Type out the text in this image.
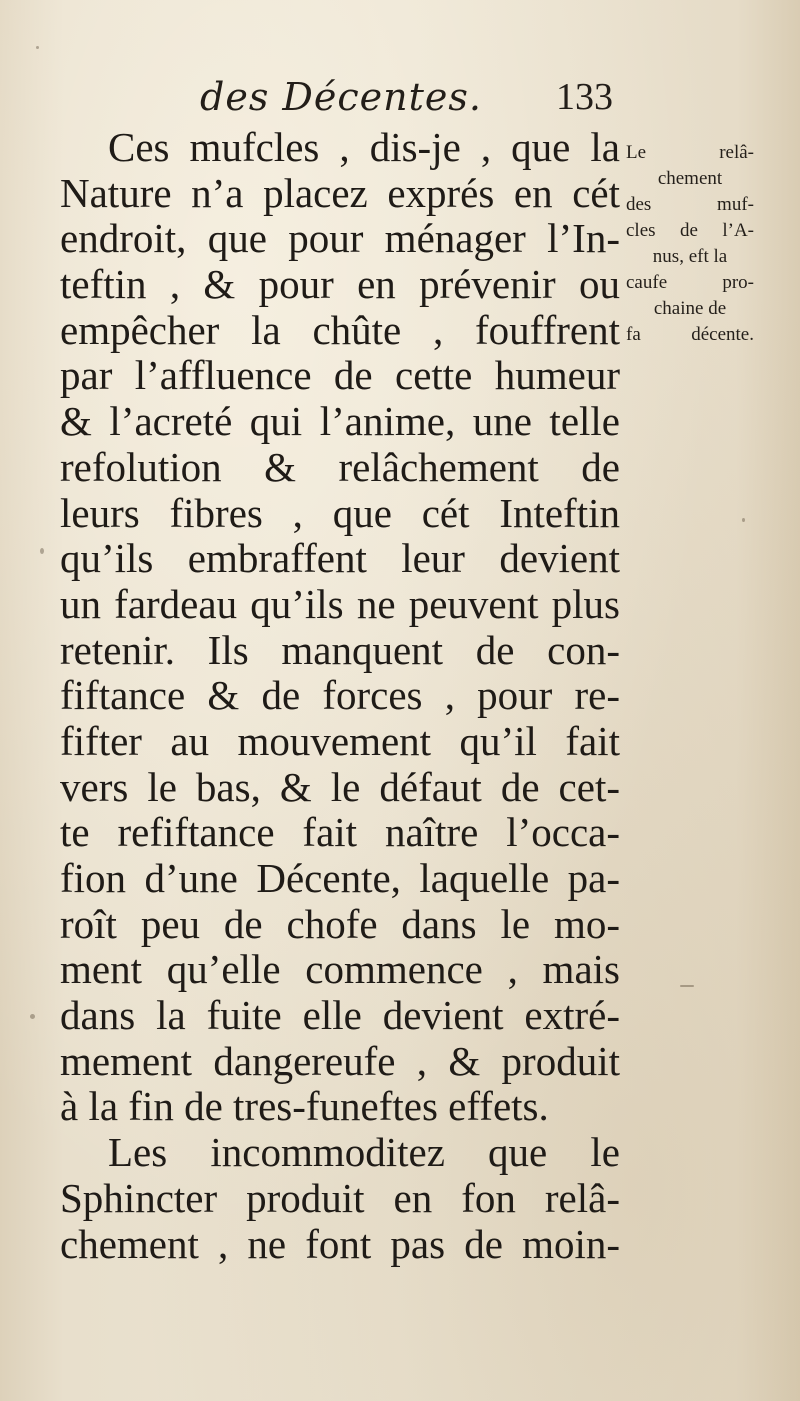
des Décentes. 133
Ces mufcles , dis-je , que la
Nature n’a placez exprés en cét
endroit, que pour ménager l’In-
teftin , & pour en prévenir ou
empêcher la chûte , fouffrent
par l’affluence de cette humeur
& l’acreté qui l’anime, une telle
refolution & relâchement de
leurs fibres , que cét Inteftin
qu’ils embraffent leur devient
un fardeau qu’ils ne peuvent plus
retenir. Ils manquent de con-
fiftance & de forces , pour re-
fifter au mouvement qu’il fait
vers le bas, & le défaut de cet-
te refiftance fait naître l’occa-
fion d’une Décente, laquelle pa-
roît peu de chofe dans le mo-
ment qu’elle commence , mais
dans la fuite elle devient extré-
mement dangereufe , & produit
à la fin de tres-funeftes effets.
Les incommoditez que le
Sphincter produit en fon relâ-
chement , ne font pas de moin-
Le relâ-
chement
des muf-
cles de l’A-
nus, eft la
caufe pro-
chaine de
fa décente.
